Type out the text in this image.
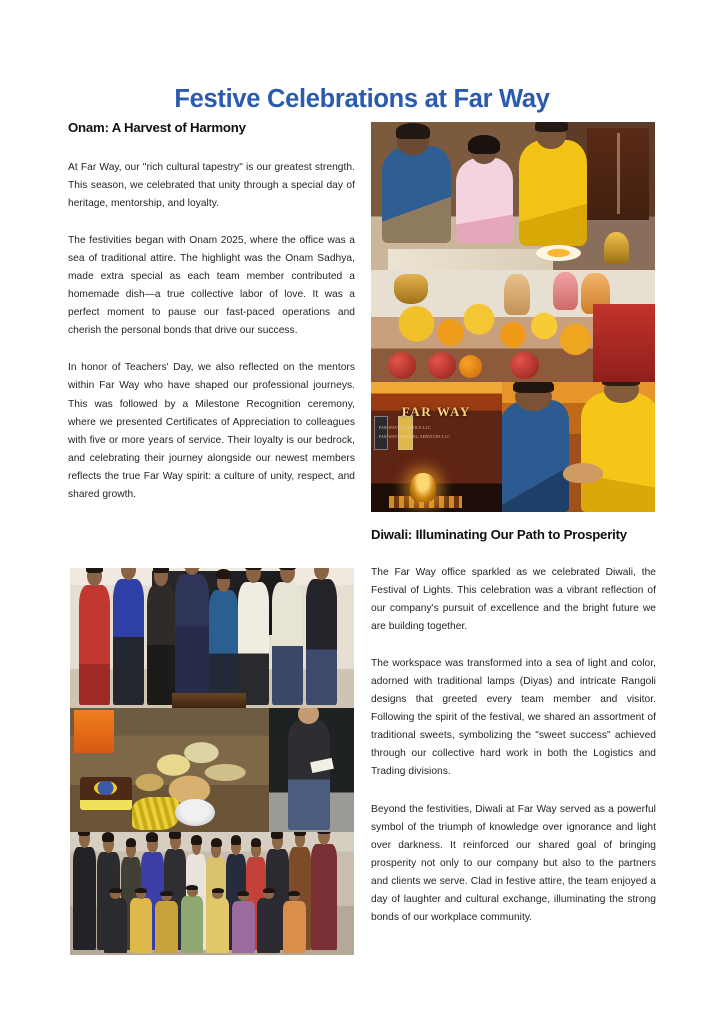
Festive Celebrations at Far Way
Onam: A Harvest of Harmony

At Far Way, our "rich cultural tapestry" is our greatest strength. This season, we celebrated that unity through a special day of heritage, mentorship, and loyalty.

The festivities began with Onam 2025, where the office was a sea of traditional attire. The highlight was the Onam Sadhya, made extra special as each team member contributed a homemade dish—a true collective labor of love. It was a perfect moment to pause our fast-paced operations and cherish the personal bonds that drive our success.

In honor of Teachers' Day, we also reflected on the mentors within Far Way who have shaped our professional journeys. This was followed by a Milestone Recognition ceremony, where we presented Certificates of Appreciation to colleagues with five or more years of service. Their loyalty is our bedrock, and celebrating their journey alongside our newest members reflects the true Far Way spirit: a culture of unity, respect, and shared growth.

Diwali: Illuminating Our Path to Prosperity

The Far Way office sparkled as we celebrated Diwali, the Festival of Lights. This celebration was a vibrant reflection of our company's pursuit of excellence and the bright future we are building together.

The workspace was transformed into a sea of light and color, adorned with traditional lamps (Diyas) and intricate Rangoli designs that greeted every team member and visitor. Following the spirit of the festival, we shared an assortment of traditional sweets, symbolizing the "sweet success" achieved through our collective hard work in both the Logistics and Trading divisions.

Beyond the festivities, Diwali at Far Way served as a powerful symbol of the triumph of knowledge over ignorance and light over darkness. It reinforced our shared goal of bringing prosperity not only to our company but also to the partners and clients we serve. Clad in festive attire, the team enjoyed a day of laughter and cultural exchange, illuminating the strong bonds of our workplace community.

FAR WAY
FAR WAY LOGISTICS LLC
FAR WAY SHIPPING SERVICES LLC
